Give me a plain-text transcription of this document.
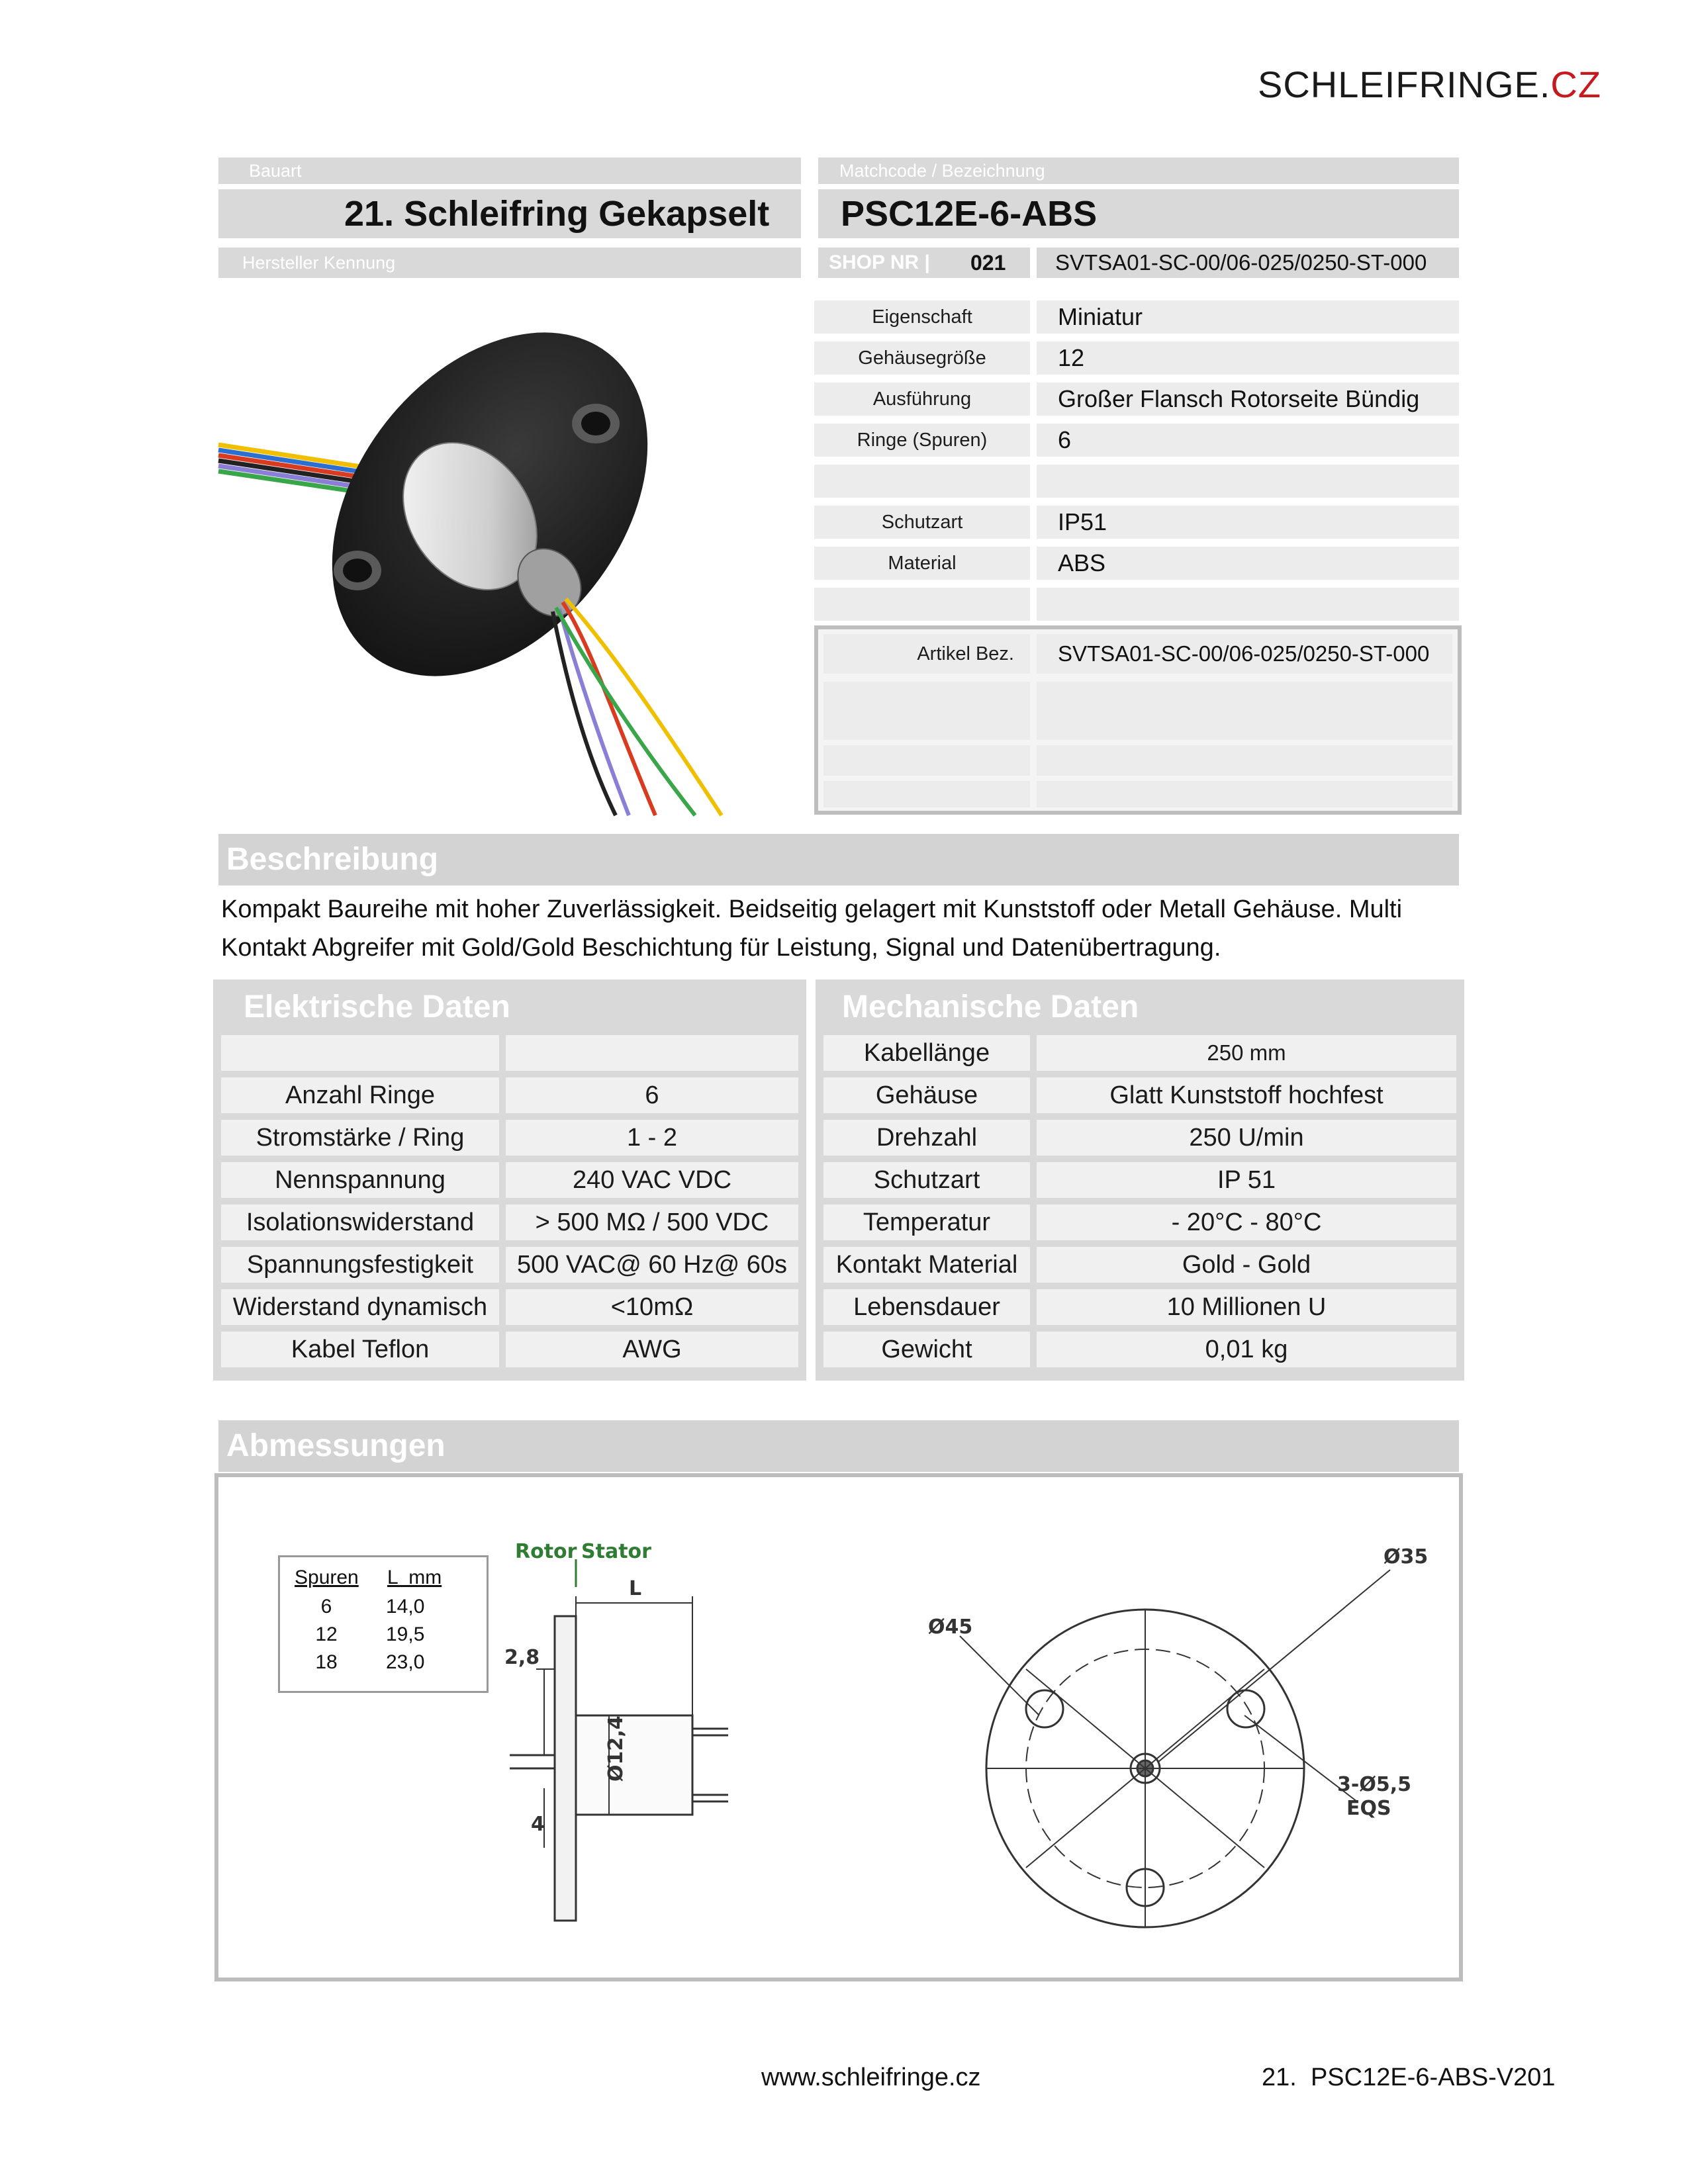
SCHLEIFRINGE.CZ
Bauart	Matchcode / Bezeichnung
21. Schleifring Gekapselt	PSC12E-6-ABS
Hersteller Kennung	SHOP NR | 021	SVTSA01-SC-00/06-025/0250-ST-000
Eigenschaft	Miniatur
Gehäusegröße	12
Ausführung	Großer Flansch Rotorseite Bündig
Ringe (Spuren)	6
Schutzart	IP51
Material	ABS
Artikel Bez.	SVTSA01-SC-00/06-025/0250-ST-000
Beschreibung
Kompakt Baureihe mit hoher Zuverlässigkeit. Beidseitig gelagert mit Kunststoff oder Metall Gehäuse. Multi Kontakt Abgreifer mit Gold/Gold Beschichtung für Leistung, Signal und Datenübertragung.
Elektrische Daten	Mechanische Daten
Anzahl Ringe	6
Stromstärke / Ring	1 - 2
Nennspannung	240 VAC VDC
Isolationswiderstand	> 500 MΩ / 500 VDC
Spannungsfestigkeit	500 VAC@ 60 Hz@ 60s
Widerstand dynamisch	<10mΩ
Kabel Teflon	AWG
Kabellänge	250 mm
Gehäuse	Glatt Kunststoff hochfest
Drehzahl	250 U/min
Schutzart	IP 51
Temperatur	- 20°C - 80°C
Kontakt Material	Gold - Gold
Lebensdauer	10 Millionen U
Gewicht	0,01 kg
Abmessungen
Spuren L  mm
6	14,0
12 19,5
18 23,0
Rotor Stator
L
2,8
Ø12,4
4
Ø45
Ø35
3-Ø5,5
EQS
www.schleifringe.cz	21.  PSC12E-6-ABS-V201
